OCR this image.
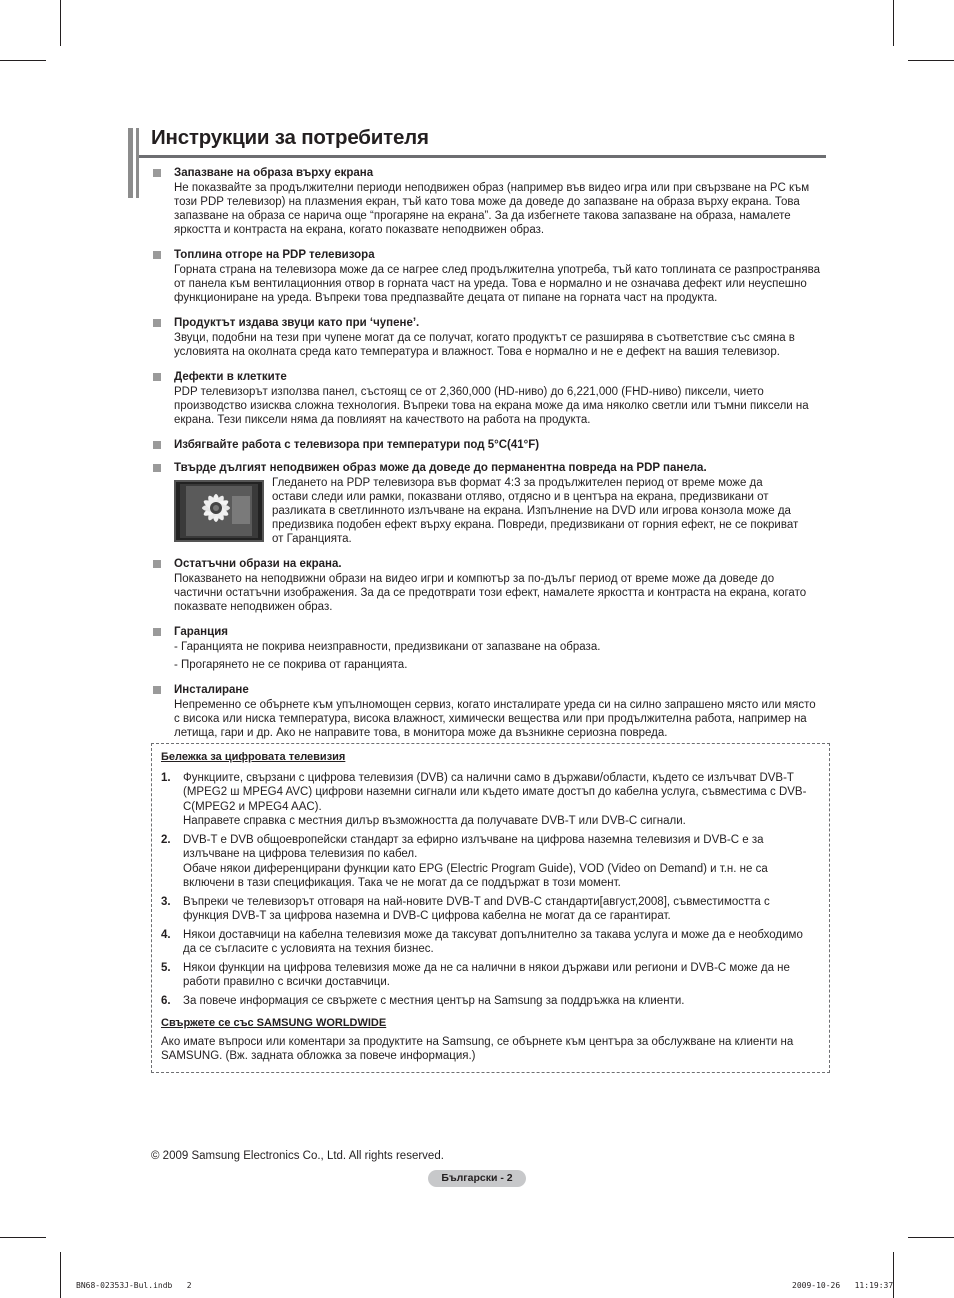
Инструкции за потребителя
Запазване на образа върху екрана

Не показвайте за продължителни периоди неподвижен образ (например във видео игра или при свързване на PC към

този PDP телевизор) на плазмения екран, тъй като това може да доведе до запазване на образа върху екрана. Това

запазване на образа се нарича още “прогаряне на екрана”. За да избегнете такова запазване на образа, намалете

яркостта и контраста на екрана, когато показвате неподвижен образ.

Топлина отгоре на PDP телевизора

Горната страна на телевизора може да се нагрее след продължителна употреба, тъй като топлината се разпространява

от панела към вентилационния отвор в горната част на уреда. Това е нормално и не означава дефект или неуспешно

функциониране на уреда. Въпреки това предпазвайте децата от пипане на горната част на продукта.

Продуктът издава звуци като при ‘чупене’.

Звуци, подобни на тези при чупене могат да се получат, когато продуктът се разширява в съответствие със смяна в

условията на околната среда като температура и влажност. Това е нормално и не е дефект на вашия телевизор.

Дефекти в клетките

PDP телевизорът използва панел, състоящ се от 2,360,000 (HD-ниво) до 6,221,000 (FHD-ниво) пиксели, чието

производство изисква сложна технология. Въпреки това на екрана може да има няколко светли или тъмни пиксели на

екрана. Тези пиксели няма да повлияят на качеството на работа на продукта.

Избягвайте работа с телевизора при температури под 5°C(41°F)
Твърде дългият неподвижен образ може да доведе до перманентна повреда на PDP панела.

Гледането на PDP телевизора във формат 4:3 за продължителен период от време може да

остави следи или рамки, показвани отляво, отдясно и в центъра на екрана, предизвикани от

разликата в светлинното излъчване на екрана. Изпълнение на DVD или игрова конзола може да

предизвика подобен ефект върху екрана. Повреди, предизвикани от горния ефект, не се покриват

от Гаранцията.

Остатъчни образи на екрана.

Показването на неподвижни образи на видео игри и компютър за по-дълъг период от време може да доведе до

частични остатъчни изображения. За да се предотврати този ефект, намалете яркостта и контраста на екрана, когато

показвате неподвижен образ.

Гаранция

- Гаранцията не покрива неизправности, предизвикани от запазване на образа.

- Прогарянето не се покрива от гаранцията.

Инсталиране

Непременно се обърнете към упълномощен сервиз, когато инсталирате уреда си на силно запрашено място или място

с висока или ниска температура, висока влажност, химически вещества или при продължителна работа, например на

летища, гари и др. Ако не направите това, в монитора може да възникне сериозна повреда.

Бележка за цифровата телевизия
1. Функциите, свързани с цифрова телевизия (DVB) са налични само в държави/области, където се излъчват DVB-T

(MPEG2 ш MPEG4 AVC) цифрови наземни сигнали или където имате достъп до кабелна услуга, съвместима с DVB-

C(MPEG2 и MPEG4 AAC).

Направете справка с местния дилър възможността да получавате DVB-T или DVB-C сигнали.

2. DVB-T е DVB общоевропейски стандарт за ефирно излъчване на цифрова наземна телевизия и DVB-C е за

излъчване на цифрова телевизия по кабел.

Обаче някои диференцирани функции като EPG (Electric Program Guide), VOD (Video on Demand) и т.н. не са

включени в тази спецификация. Така че не могат да се поддържат в този момент.

3. Въпреки че телевизорът отговаря на най-новите DVB-T and DVB-C стандарти[август,2008], съвместимостта с

функция DVB-T за цифрова наземна и DVB-C цифрова кабелна не могат да се гарантират.

4. Някои доставчици на кабелна телевизия може да таксуват допълнително за такава услуга и може да е необходимо

да се съгласите с условията на техния бизнес.

5. Някои функции на цифрова телевизия може да не са налични в някои държави или региони и DVB-C може да не

работи правилно с всички доставчици.

6. За повече информация се свържете с местния център на Samsung за поддръжка на клиенти.

Свържете се със SAMSUNG WORLDWIDE

Ако имате въпроси или коментари за продуктите на Samsung, се обърнете към центъра за обслужване на клиенти на

SAMSUNG. (Вж. задната обложка за повече информация.)

© 2009 Samsung Electronics Co., Ltd. All rights reserved.
Български - 2
BN68-02353J-Bul.indb   2	2009-10-26   11:19:37
